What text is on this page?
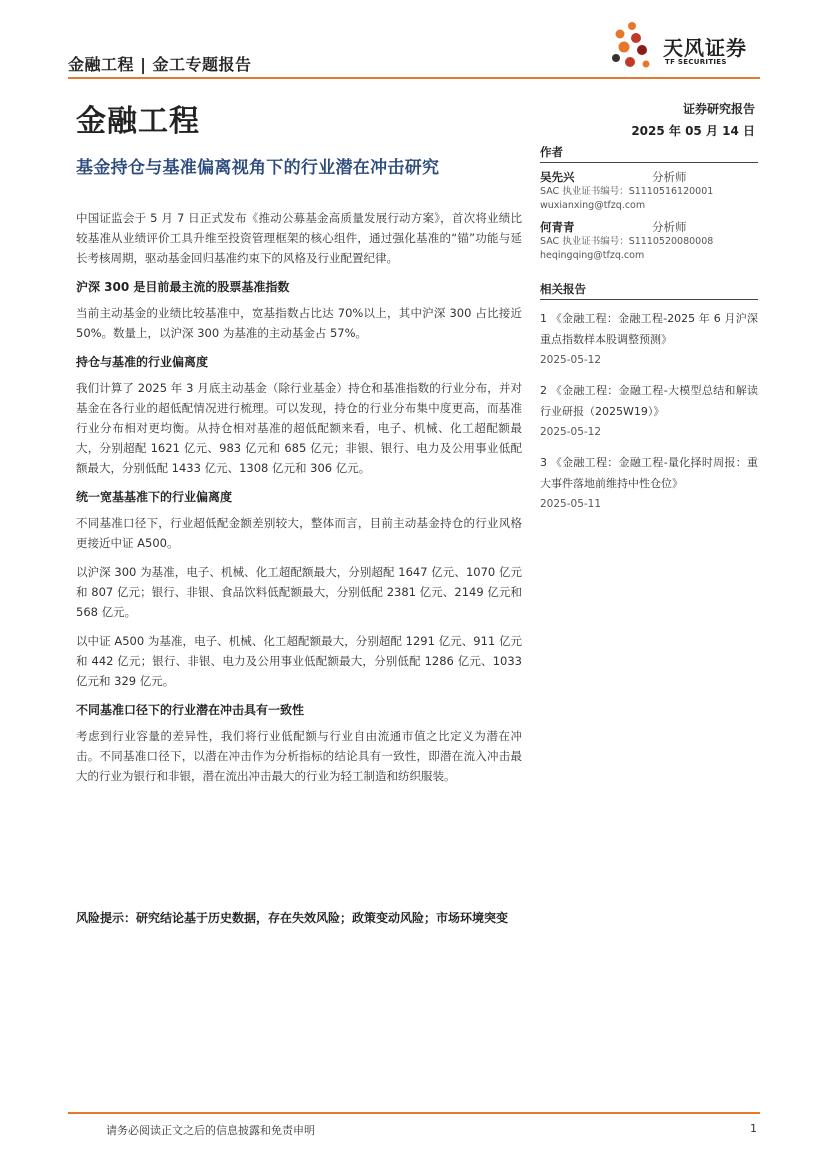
金融工程 | 金工专题报告
天风证券
TF SECURITIES
金融工程	证券研究报告
2025 年 05 月 14 日
基金持仓与基准偏离视角下的行业潜在冲击研究

中国证监会于 5 月 7 日正式发布《推动公募基金高质量发展行动方案》，首次将业绩比较基准从业绩评价工具升维至投资管理框架的核心组件，通过强化基准的“锚”功能与延长考核周期，驱动基金回归基准约束下的风格及行业配置纪律。

沪深 300 是目前最主流的股票基准指数

当前主动基金的业绩比较基准中，宽基指数占比达 70%以上，其中沪深 300 占比接近 50%。数量上，以沪深 300 为基准的主动基金占 57%。

持仓与基准的行业偏离度

我们计算了 2025 年 3 月底主动基金（除行业基金）持仓和基准指数的行业分布，并对基金在各行业的超低配情况进行梳理。可以发现，持仓的行业分布集中度更高，而基准行业分布相对更均衡。从持仓相对基准的超低配额来看，电子、机械、化工超配额最大，分别超配 1621 亿元、983 亿元和 685 亿元；非银、银行、电力及公用事业低配额最大，分别低配 1433 亿元、1308 亿元和 306 亿元。

统一宽基基准下的行业偏离度

不同基准口径下，行业超低配金额差别较大，整体而言，目前主动基金持仓的行业风格更接近中证 A500。

以沪深 300 为基准，电子、机械、化工超配额最大，分别超配 1647 亿元、1070 亿元和 807 亿元；银行、非银、食品饮料低配额最大，分别低配 2381 亿元、2149 亿元和 568 亿元。

以中证 A500 为基准，电子、机械、化工超配额最大，分别超配 1291 亿元、911 亿元和 442 亿元；银行、非银、电力及公用事业低配额最大，分别低配 1286 亿元、1033 亿元和 329 亿元。

不同基准口径下的行业潜在冲击具有一致性

考虑到行业容量的差异性，我们将行业低配额与行业自由流通市值之比定义为潜在冲击。不同基准口径下，以潜在冲击作为分析指标的结论具有一致性，即潜在流入冲击最大的行业为银行和非银，潜在流出冲击最大的行业为轻工制造和纺织服装。

风险提示：研究结论基于历史数据，存在失效风险；政策变动风险；市场环境突变
作者
吴先兴	分析师
SAC 执业证书编号：S1110516120001
wuxianxing@tfzq.com
何青青	分析师
SAC 执业证书编号：S1110520080008
heqingqing@tfzq.com
相关报告
1 《金融工程：金融工程-2025 年 6 月沪深重点指数样本股调整预测》
2025-05-12
2 《金融工程：金融工程-大模型总结和解读行业研报（2025W19）》
2025-05-12
3 《金融工程：金融工程-量化择时周报：重大事件落地前维持中性仓位》
2025-05-11
请务必阅读正文之后的信息披露和免责申明	1
